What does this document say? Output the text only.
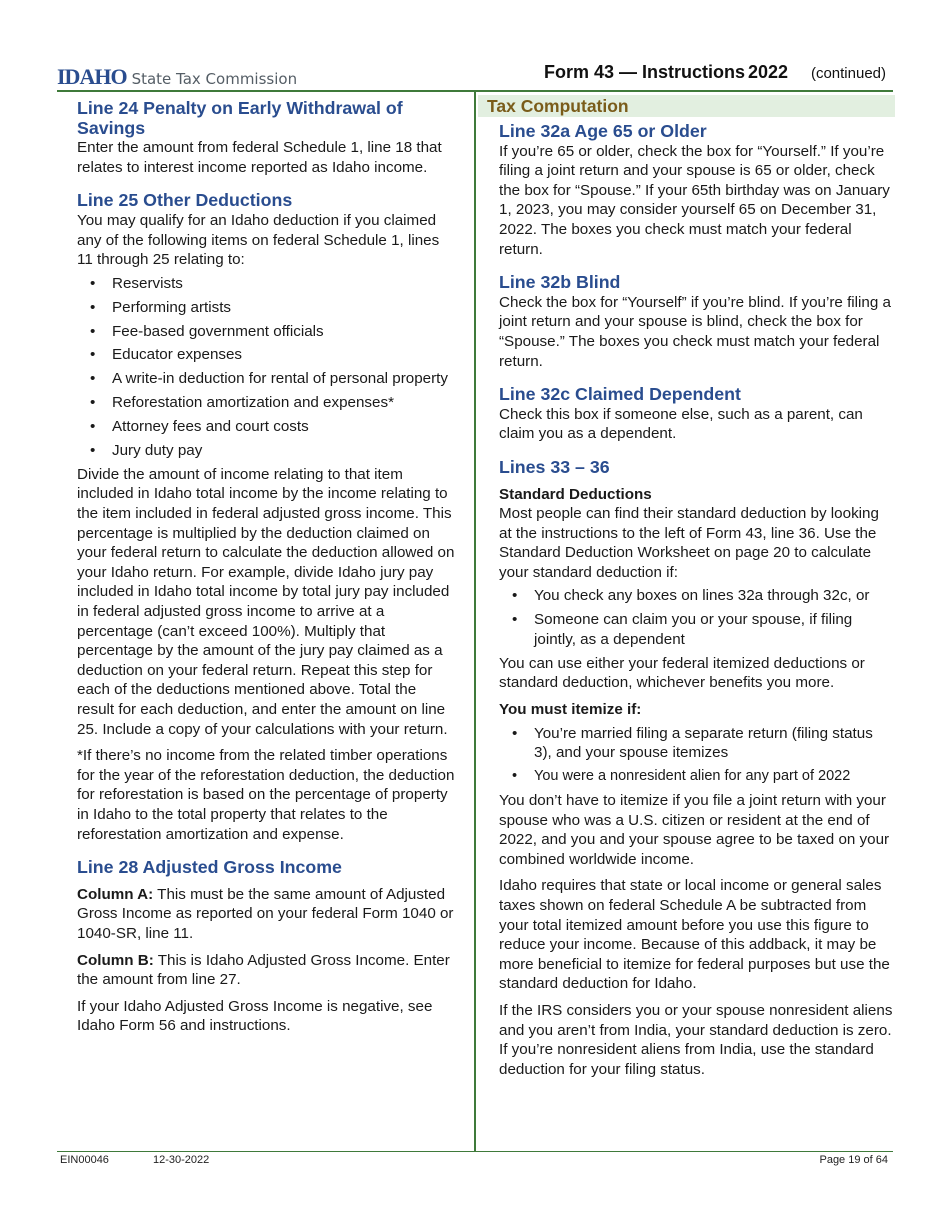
IDAHO State Tax Commission	Form 43 — Instructions 2022 (continued)
Line 24 Penalty on Early Withdrawal of Savings

Enter the amount from federal Schedule 1, line 18 that relates to interest income reported as Idaho income.

Line 25 Other Deductions

You may qualify for an Idaho deduction if you claimed any of the following items on federal Schedule 1, lines 11 through 25 relating to:

• Reservists
• Performing artists
• Fee-based government officials
• Educator expenses
• A write-in deduction for rental of personal property
• Reforestation amortization and expenses*
• Attorney fees and court costs
• Jury duty pay

Divide the amount of income relating to that item included in Idaho total income by the income relating to the item included in federal adjusted gross income. This percentage is multiplied by the deduction claimed on your federal return to calculate the deduction allowed on your Idaho return. For example, divide Idaho jury pay included in Idaho total income by total jury pay included in federal adjusted gross income to arrive at a percentage (can’t exceed 100%). Multiply that percentage by the amount of the jury pay claimed as a deduction on your federal return. Repeat this step for each of the deductions mentioned above. Total the result for each deduction, and enter the amount on line 25. Include a copy of your calculations with your return.

*If there’s no income from the related timber operations for the year of the reforestation deduction, the deduction for reforestation is based on the percentage of property in Idaho to the total property that relates to the reforestation amortization and expense.

Line 28 Adjusted Gross Income

Column A: This must be the same amount of Adjusted Gross Income as reported on your federal Form 1040 or 1040-SR, line 11.

Column B: This is Idaho Adjusted Gross Income. Enter the amount from line 27.

If your Idaho Adjusted Gross Income is negative, see Idaho Form 56 and instructions.

Tax Computation
Line 32a Age 65 or Older

If you’re 65 or older, check the box for “Yourself.” If you’re filing a joint return and your spouse is 65 or older, check the box for “Spouse.” If your 65th birthday was on January 1, 2023, you may consider yourself 65 on December 31, 2022. The boxes you check must match your federal return.

Line 32b Blind

Check the box for “Yourself” if you’re blind. If you’re filing a joint return and your spouse is blind, check the box for “Spouse.” The boxes you check must match your federal return.

Line 32c Claimed Dependent

Check this box if someone else, such as a parent, can claim you as a dependent.

Lines 33 – 36

Standard Deductions

Most people can find their standard deduction by looking at the instructions to the left of Form 43, line 36. Use the Standard Deduction Worksheet on page 20 to calculate your standard deduction if:

• You check any boxes on lines 32a through 32c, or
• Someone can claim you or your spouse, if filing jointly, as a dependent

You can use either your federal itemized deductions or standard deduction, whichever benefits you more.

You must itemize if:

• You’re married filing a separate return (filing status 3), and your spouse itemizes
• You were a nonresident alien for any part of 2022

You don’t have to itemize if you file a joint return with your spouse who was a U.S. citizen or resident at the end of 2022, and you and your spouse agree to be taxed on your combined worldwide income.

Idaho requires that state or local income or general sales taxes shown on federal Schedule A be subtracted from your total itemized amount before you use this figure to reduce your income. Because of this addback, it may be more beneficial to itemize for federal purposes but use the standard deduction for Idaho.

If the IRS considers you or your spouse nonresident aliens and you aren’t from India, your standard deduction is zero. If you’re nonresident aliens from India, use the standard deduction for your filing status.

EIN00046	12-30-2022	Page 19 of 64
